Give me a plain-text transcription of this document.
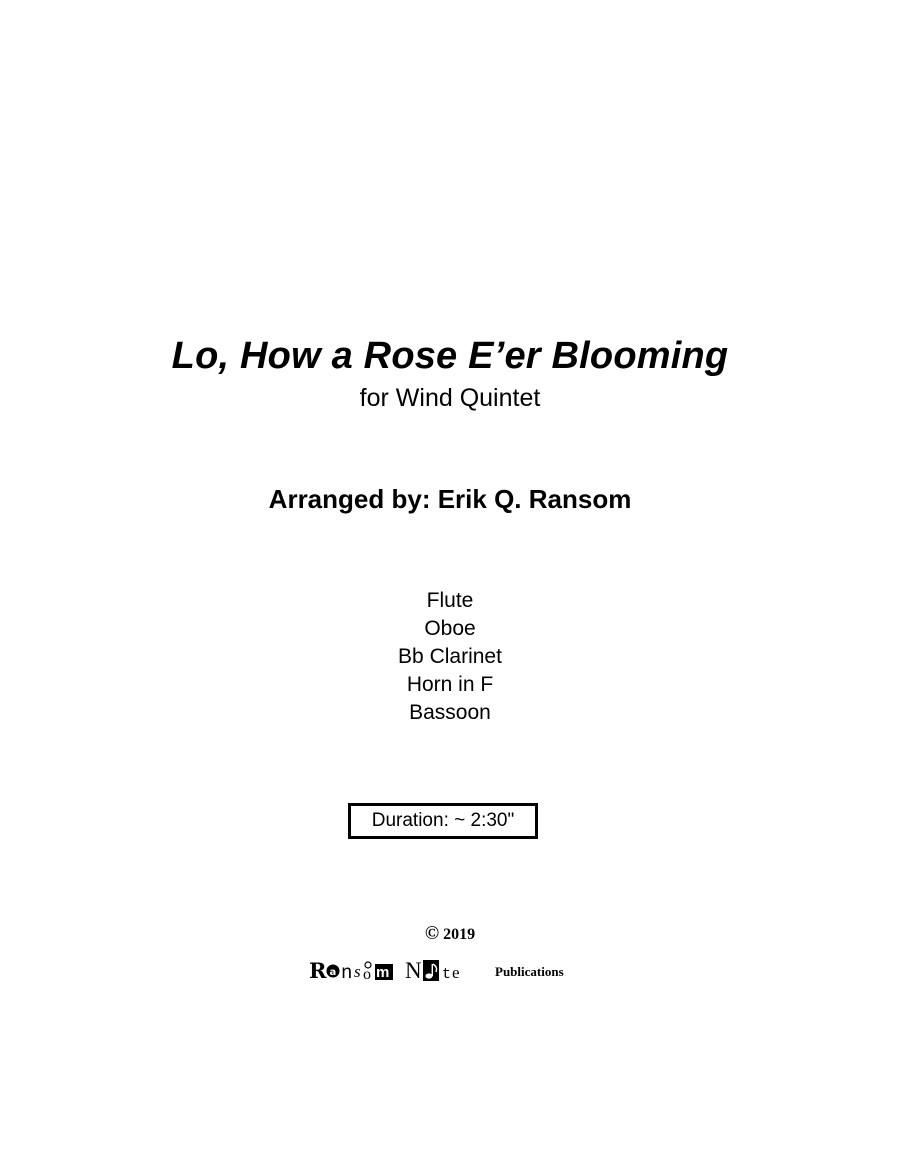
Lo, How a Rose E’er Blooming
for Wind Quintet
Arranged by: Erik Q. Ransom
Flute
Oboe
Bb Clarinet
Horn in F
Bassoon
Duration: ~ 2:30"
© 2019
R a n s o m N t e	Publications
